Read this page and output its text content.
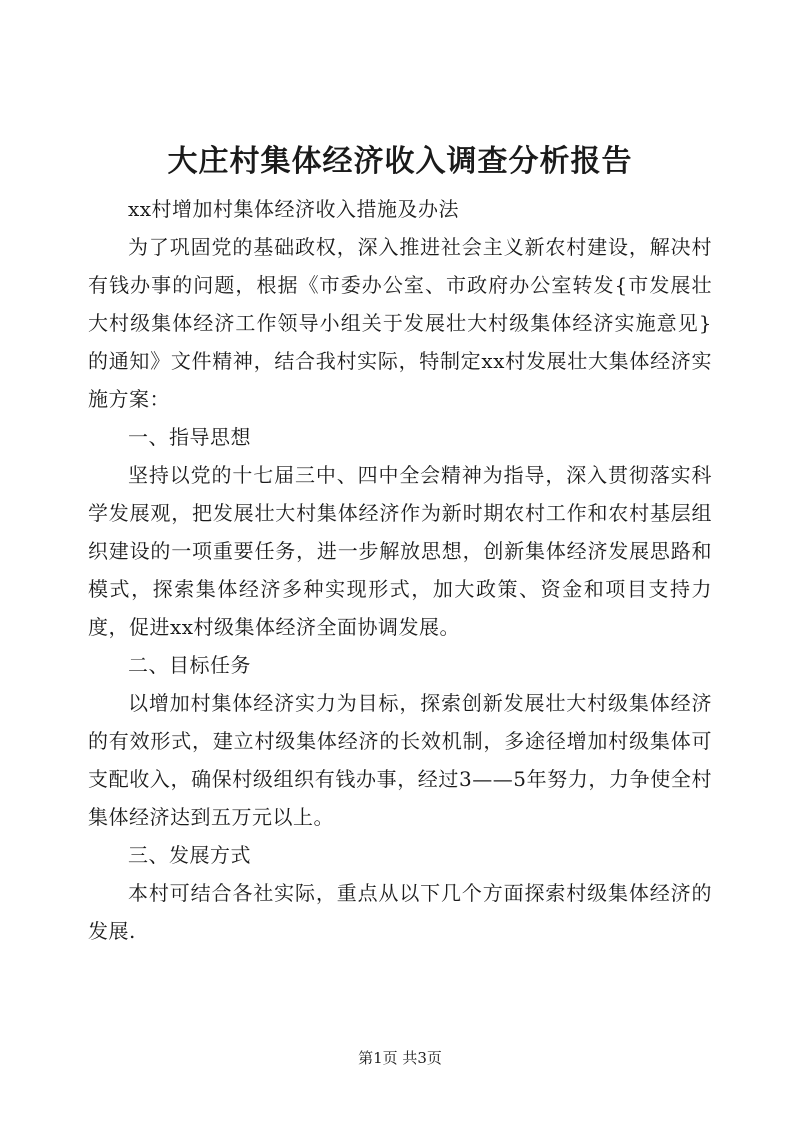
大庄村集体经济收入调查分析报告

xx村增加村集体经济收入措施及办法

为了巩固党的基础政权，深入推进社会主义新农村建设，解决村有钱办事的问题，根据《市委办公室、市政府办公室转发{市发展壮大村级集体经济工作领导小组关于发展壮大村级集体经济实施意见}的通知》文件精神，结合我村实际，特制定xx村发展壮大集体经济实施方案：

一、指导思想

坚持以党的十七届三中、四中全会精神为指导，深入贯彻落实科学发展观，把发展壮大村集体经济作为新时期农村工作和农村基层组织建设的一项重要任务，进一步解放思想，创新集体经济发展思路和模式，探索集体经济多种实现形式，加大政策、资金和项目支持力度，促进xx村级集体经济全面协调发展。

二、目标任务

以增加村集体经济实力为目标，探索创新发展壮大村级集体经济的有效形式，建立村级集体经济的长效机制，多途径增加村级集体可支配收入，确保村级组织有钱办事，经过3——5年努力，力争使全村集体经济达到五万元以上。

三、发展方式

本村可结合各社实际，重点从以下几个方面探索村级集体经济的发展.

第1页 共3页
